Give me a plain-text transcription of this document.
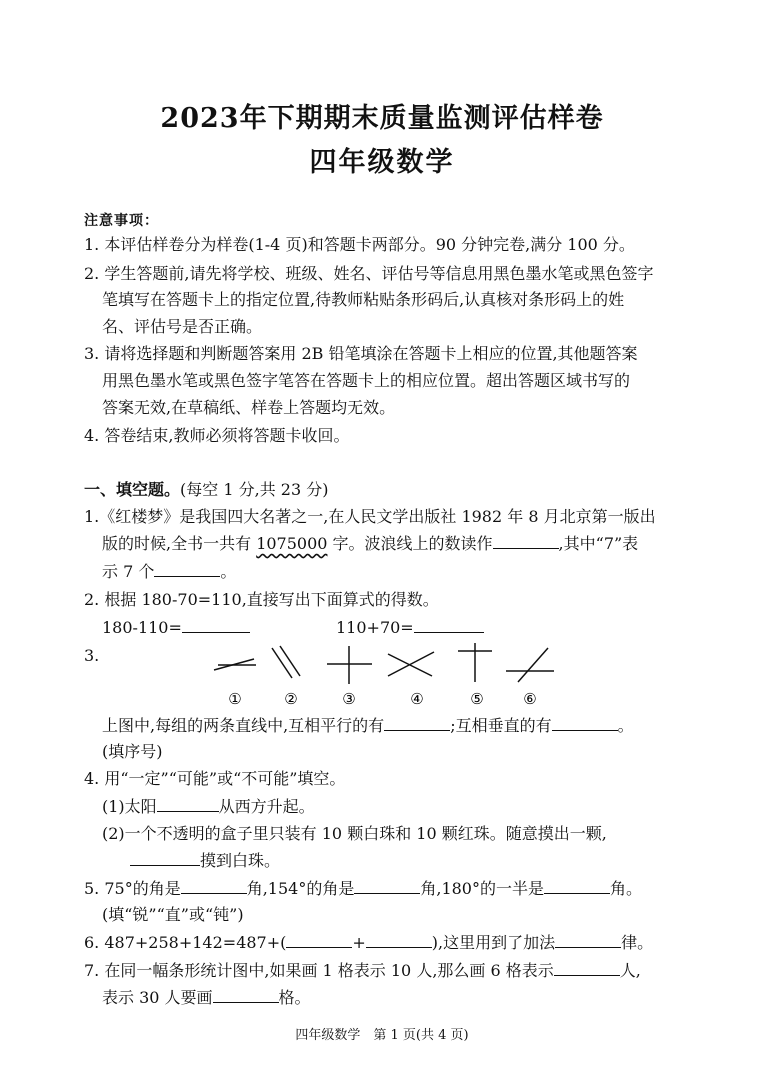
2023年下期期末质量监测评估样卷
四年级数学
注意事项：
1. 本评估样卷分为样卷(1-4 页)和答题卡两部分。90 分钟完卷,满分 100 分。
2. 学生答题前,请先将学校、班级、姓名、评估号等信息用黑色墨水笔或黑色签字
笔填写在答题卡上的指定位置,待教师粘贴条形码后,认真核对条形码上的姓
名、评估号是否正确。
3. 请将选择题和判断题答案用 2B 铅笔填涂在答题卡上相应的位置,其他题答案
用黑色墨水笔或黑色签字笔答在答题卡上的相应位置。超出答题区域书写的
答案无效,在草稿纸、样卷上答题均无效。
4. 答卷结束,教师必须将答题卡收回。
一、填空题。(每空 1 分,共 23 分)
1.《红楼梦》是我国四大名著之一,在人民文学出版社 1982 年 8 月北京第一版出
版的时候,全书一共有 1075000 字。波浪线上的数读作	,其中“7”表
示 7 个	。
2. 根据 180-70=110,直接写出下面算式的得数。
180-110=	110+70=
3.
①	②	③	④	⑤	⑥
上图中,每组的两条直线中,互相平行的有	;互相垂直的有	。
(填序号)
4. 用“一定”“可能”或“不可能”填空。
(1)太阳	从西方升起。
(2)一个不透明的盒子里只装有 10 颗白珠和 10 颗红珠。随意摸出一颗,
摸到白珠。
5. 75°的角是	角,154°的角是	角,180°的一半是	角。
(填“锐”“直”或“钝”)
6. 487+258+142=487+(	+	),这里用到了加法	律。
7. 在同一幅条形统计图中,如果画 1 格表示 10 人,那么画 6 格表示	人,
表示 30 人要画	格。
四年级数学　第 1 页(共 4 页)
